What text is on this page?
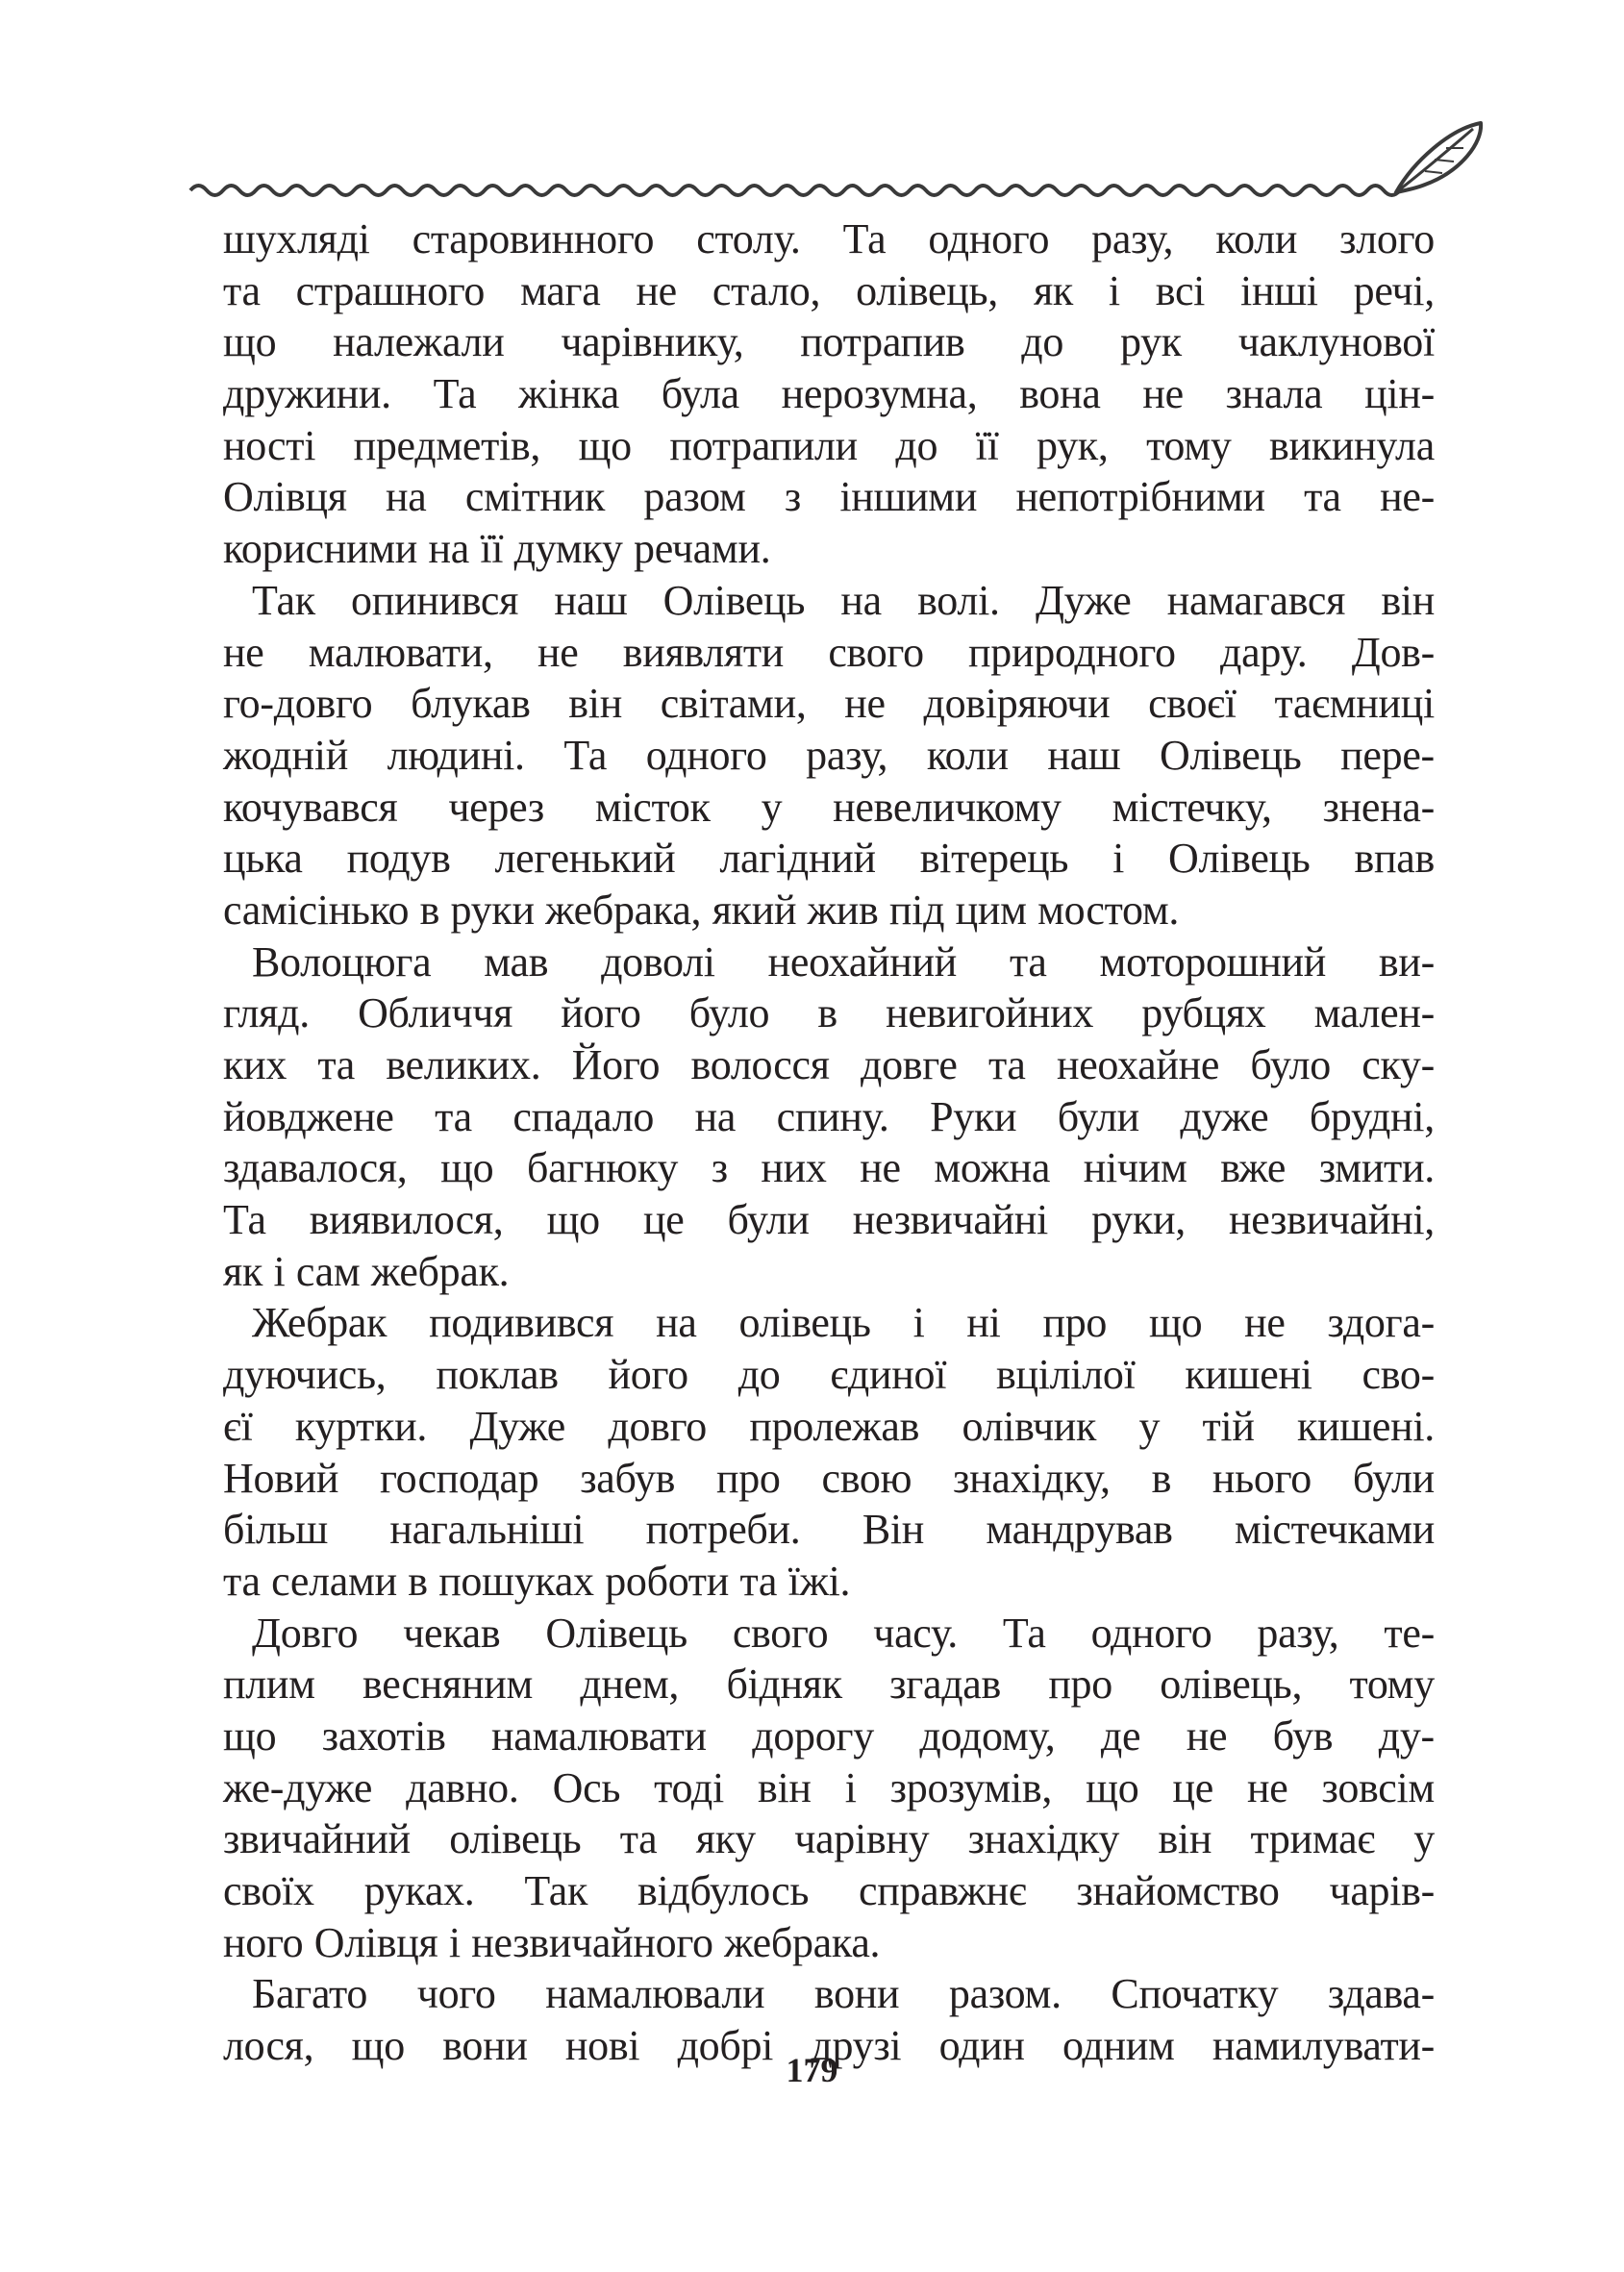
шухляді старовинного столу. Та одного разу, коли злого
та страшного мага не стало, олівець, як і всі інші речі,
що належали чарівнику, потрапив до рук чаклунової
дружини. Та жінка була нерозумна, вона не знала цін-
ності предметів, що потрапили до її рук, тому викинула
Олівця на смітник разом з іншими непотрібними та не-
корисними на її думку речами.
Так опинився наш Олівець на волі. Дуже намагався він
не малювати, не виявляти свого природного дару. Дов-
го-довго блукав він світами, не довіряючи своєї таємниці
жодній людині. Та одного разу, коли наш Олівець пере-
кочувався через місток у невеличкому містечку, знена-
цька подув легенький лагідний вітерець і Олівець впав
самісінько в руки жебрака, який жив під цим мостом.
Волоцюга мав доволі неохайний та моторошний ви-
гляд. Обличчя його було в невигойних рубцях мален-
ких та великих. Його волосся довге та неохайне було ску-
йовджене та спадало на спину. Руки були дуже брудні,
здавалося, що багнюку з них не можна нічим вже змити.
Та виявилося, що це були незвичайні руки, незвичайні,
як і сам жебрак.
Жебрак подивився на олівець і ні про що не здога-
дуючись, поклав його до єдиної вцілілої кишені сво-
єї куртки. Дуже довго пролежав олівчик у тій кишені.
Новий господар забув про свою знахідку, в нього були
більш нагальніші потреби. Він мандрував містечками
та селами в пошуках роботи та їжі.
Довго чекав Олівець свого часу. Та одного разу, те-
плим весняним днем, бідняк згадав про олівець, тому
що захотів намалювати дорогу додому, де не був ду-
же-дуже давно. Ось тоді він і зрозумів, що це не зовсім
звичайний олівець та яку чарівну знахідку він тримає у
своїх руках. Так відбулось справжнє знайомство чарів-
ного Олівця і незвичайного жебрака.
Багато чого намалювали вони разом. Спочатку здава-
лося, що вони нові добрі друзі один одним намилувати-
179
